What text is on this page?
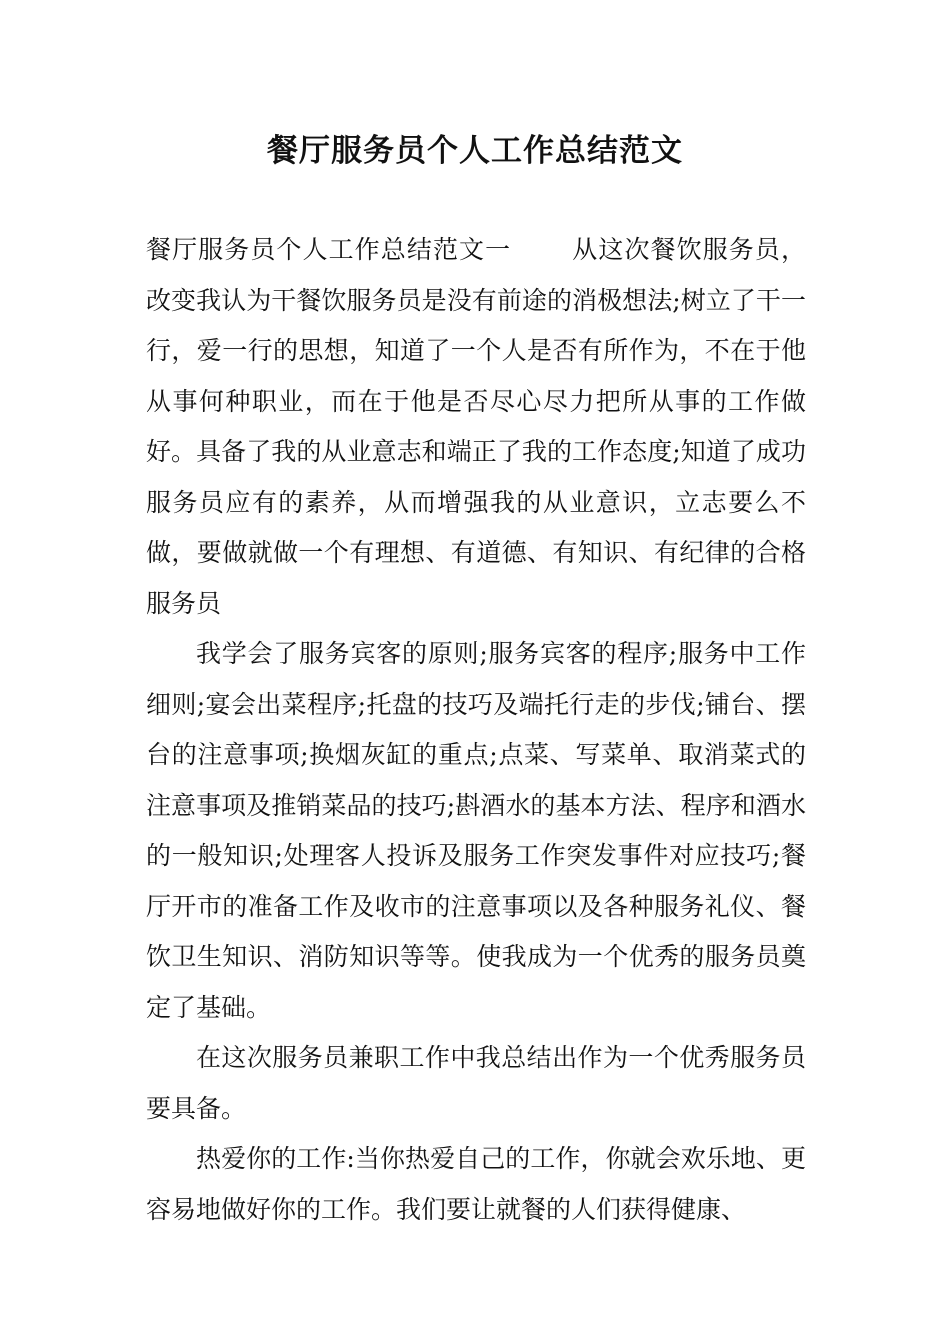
餐厅服务员个人工作总结范文

餐厅服务员个人工作总结范文一 从这次餐饮服务员，改变我认为干餐饮服务员是没有前途的消极想法;树立了干一行，爱一行的思想，知道了一个人是否有所作为，不在于他从事何种职业，而在于他是否尽心尽力把所从事的工作做好。具备了我的从业意志和端正了我的工作态度;知道了成功服务员应有的素养，从而增强我的从业意识，立志要么不做，要做就做一个有理想、有道德、有知识、有纪律的合格服务员

我学会了服务宾客的原则;服务宾客的程序;服务中工作细则;宴会出菜程序;托盘的技巧及端托行走的步伐;铺台、摆台的注意事项;换烟灰缸的重点;点菜、写菜单、取消菜式的注意事项及推销菜品的技巧;斟酒水的基本方法、程序和酒水的一般知识;处理客人投诉及服务工作突发事件对应技巧;餐厅开市的准备工作及收市的注意事项以及各种服务礼仪、餐饮卫生知识、消防知识等等。使我成为一个优秀的服务员奠定了基础。

在这次服务员兼职工作中我总结出作为一个优秀服务员要具备。

热爱你的工作:当你热爱自己的工作，你就会欢乐地、更容易地做好你的工作。我们要让就餐的人们获得健康、
